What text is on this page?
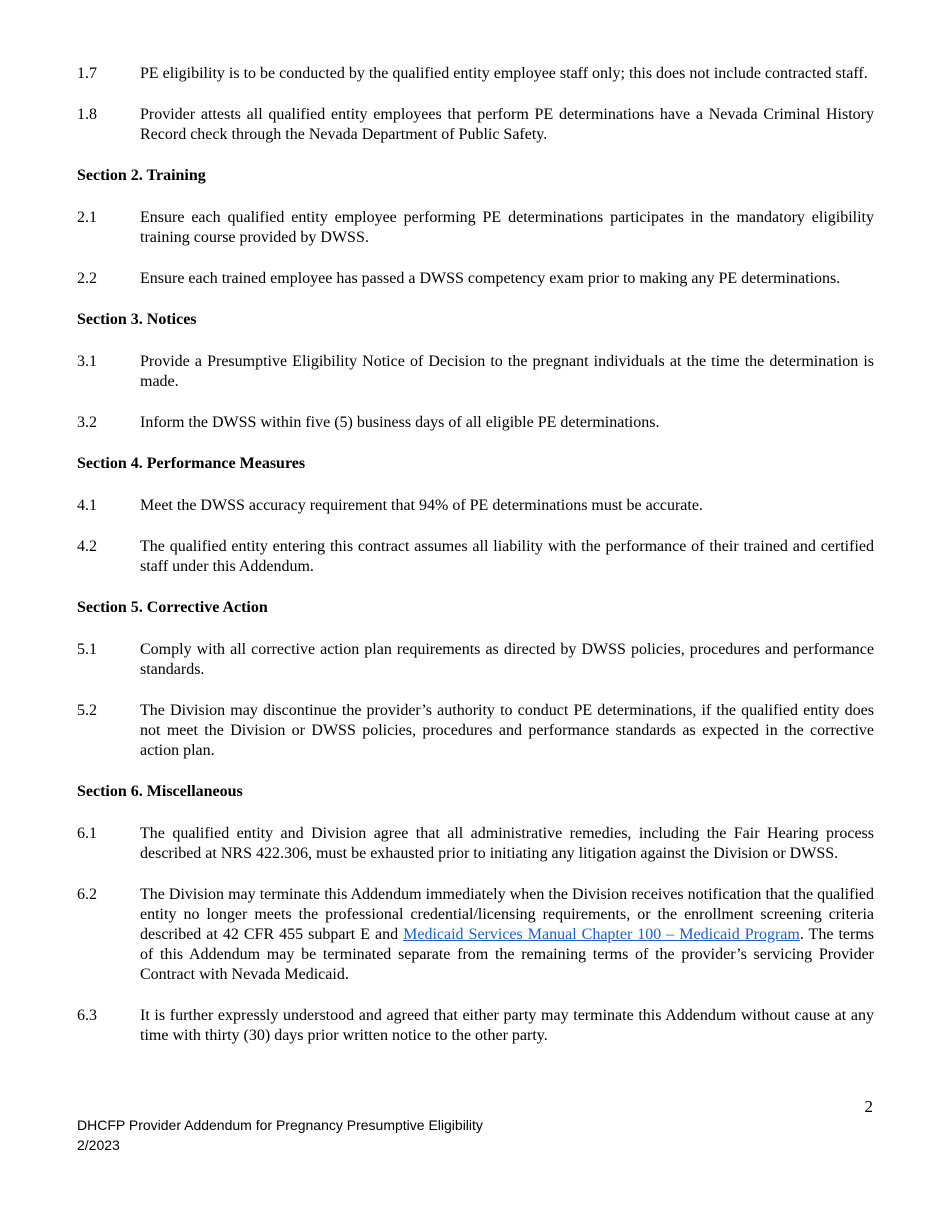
1.7	PE eligibility is to be conducted by the qualified entity employee staff only; this does not include contracted staff.
1.8	Provider attests all qualified entity employees that perform PE determinations have a Nevada Criminal History Record check through the Nevada Department of Public Safety.
Section 2. Training
2.1	Ensure each qualified entity employee performing PE determinations participates in the mandatory eligibility training course provided by DWSS.
2.2	Ensure each trained employee has passed a DWSS competency exam prior to making any PE determinations.
Section 3. Notices
3.1	Provide a Presumptive Eligibility Notice of Decision to the pregnant individuals at the time the determination is made.
3.2	Inform the DWSS within five (5) business days of all eligible PE determinations.
Section 4. Performance Measures
4.1	Meet the DWSS accuracy requirement that 94% of PE determinations must be accurate.
4.2	The qualified entity entering this contract assumes all liability with the performance of their trained and certified staff under this Addendum.
Section 5. Corrective Action
5.1	Comply with all corrective action plan requirements as directed by DWSS policies, procedures and performance standards.
5.2	The Division may discontinue the provider’s authority to conduct PE determinations, if the qualified entity does not meet the Division or DWSS policies, procedures and performance standards as expected in the corrective action plan.
Section 6. Miscellaneous
6.1	The qualified entity and Division agree that all administrative remedies, including the Fair Hearing process described at NRS 422.306, must be exhausted prior to initiating any litigation against the Division or DWSS.
6.2	The Division may terminate this Addendum immediately when the Division receives notification that the qualified entity no longer meets the professional credential/licensing requirements, or the enrollment screening criteria described at 42 CFR 455 subpart E and Medicaid Services Manual Chapter 100 – Medicaid Program. The terms of this Addendum may be terminated separate from the remaining terms of the provider’s servicing Provider Contract with Nevada Medicaid.
6.3	It is further expressly understood and agreed that either party may terminate this Addendum without cause at any time with thirty (30) days prior written notice to the other party.
2
DHCFP Provider Addendum for Pregnancy Presumptive Eligibility
2/2023
